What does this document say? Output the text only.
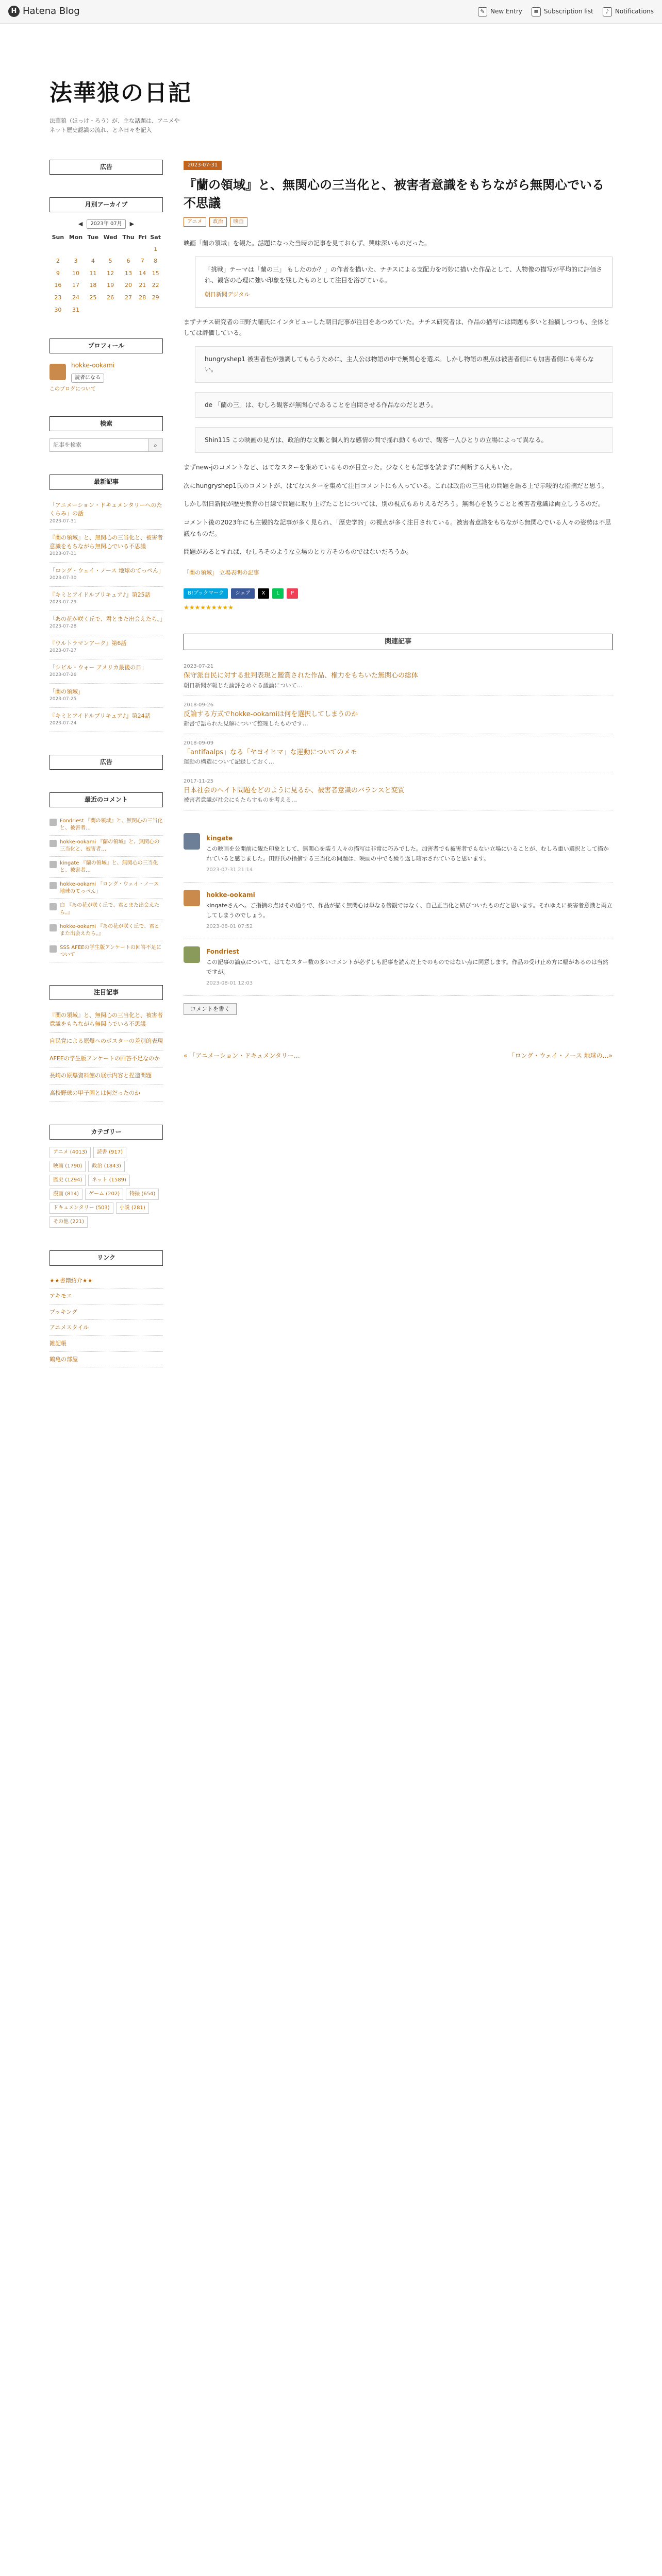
H Hatena Blog	✎ New Entry	≡ Subscription list	♪ Notifications
法華狼の日記
法華狼（ほっけ・ろう）が、主な話題は、アニメやネット歴史認識の流れ、とネ日々を記入
広告
月別アーカイブ
◀	2023年 07月	▶
Sun	Mon	Tue	Wed	Thu	Fri	Sat
						1
2	3	4	5	6	7	8
9	10	11	12	13	14	15
16	17	18	19	20	21	22
23	24	25	26	27	28	29
30	31					
プロフィール
hokke-ookami
読者になる
このブログについて
検索
記事を検索
⌕
最新記事
「アニメーション・ドキュメンタリーへのたくらみ」の話
2023-07-31
『蘭の領域』と、無関心の三当化と、被害者意識をもちながら無関心でいる不思議
2023-07-31
「ロング・ウェイ・ノース 地球のてっぺん」
2023-07-30
『キミとアイドルプリキュア♪』第25話
2023-07-29
「あの花が咲く丘で、君とまた出会えたら。」
2023-07-28
『ウルトラマンアーク』第6話
2023-07-27
「シビル・ウォー アメリカ最後の日」
2023-07-26
「蘭の領域」
2023-07-25
『キミとアイドルプリキュア♪』第24話
2023-07-24
広告
最近のコメント
Fondriest 『蘭の領域』と、無関心の三当化と、被害者…
hokke-ookami 『蘭の領域』と、無関心の三当化と、被害者…
kingate 『蘭の領域』と、無関心の三当化と、被害者…
hokke-ookami 「ロング・ウェイ・ノース 地球のてっぺん」
白 『あの花が咲く丘で、君とまた出会えたら。』
hokke-ookami 『あの花が咲く丘で、君とまた出会えたら。』
SSS AFEEの学生版アンケートの回答不足について
注目記事
『蘭の領域』と、無関心の三当化と、被害者意識をもちながら無関心でいる不思議
自民党による原爆へのポスターの差別的表現
AFEEの学生版アンケートの回答不足なのか
長崎の原爆資料館の展示内容と捏造問題
高校野球の甲子園とは何だったのか
カテゴリー
アニメ (4013)	読書 (917)
映画 (1790)	政治 (1843)
歴史 (1294)	ネット (1589)
漫画 (814)	ゲーム (202)	特撮 (654)
ドキュメンタリー (503)	小説 (281)
その他 (221)
リンク
★★書籍紹介★★
アキモエ
ブッキング
アニメスタイル
雑記帳
鶴亀の部屋
2023-07-31
『蘭の領域』と、無関心の三当化と、被害者意識をもちながら無関心でいる不思議
アニメ	政治	映画

映画「蘭の領域」を観た。話題になった当時の記事を見ておらず、興味深いものだった。

「挑戦」テーマは「蘭の三」 もしたのか？」の作者を描いた、ナチスによる支配力を巧妙に描いた作品として、人物像の描写が平均的に評価され、観客の心理に強い印象を残したものとして注目を浴びている。
朝日新聞デジタル

まずナチス研究者の田野大輔氏にインタビューした朝日記事が注目をあつめていた。ナチス研究者は、作品の描写には問題も多いと指摘しつつも、全体としては評価している。

hungryshep1 被害者性が強調してもらうために、主人公は物語の中で無関心を選ぶ。しかし物語の視点は被害者側にも加害者側にも寄らない。
de 「蘭の三」は、むしろ観客が無関心であることを自問させる作品なのだと思う。
Shin115 この映画の見方は、政治的な文脈と個人的な感情の間で揺れ動くもので、観客一人ひとりの立場によって異なる。

まずnew-jのコメントなど、はてなスターを集めているものが目立った。少なくとも記事を読まずに判断する人もいた。

次にhungryshep1氏のコメントが、はてなスターを集めて注目コメントにも入っている。これは政治の三当化の問題を語る上で示唆的な指摘だと思う。

しかし朝日新聞が歴史教育の目線で問題に取り上げたことについては、別の視点もありえるだろう。無関心を装うことと被害者意識は両立しうるのだ。

コメント後の2023年にも主観的な記事が多く見られ、「歴史学的」の視点が多く注目されている。被害者意識をもちながら無関心でいる人々の姿勢は不思議なものだ。

問題があるとすれば、むしろそのような立場のとり方そのものではないだろうか。

「蘭の領域」 立場表明の記事
B!ブックマーク	シェア	X	L	P
★★★★★★★★★
関連記事
2023-07-21
保守派自民に対する批判表現と鑑賞された作品、権力をもちいた無関心の総体
朝日新聞が報じた論評をめぐる議論について…
2018-09-26
反論する方式でhokke-ookamiは何を選択してしまうのか
新書で語られた見解について整理したものです…
2018-09-09
「antifaalps」なる「ヤヨイヒマ」な運動についてのメモ
運動の構造について記録しておく…
2017-11-25
日本社会のヘイト問題をどのように見るか、被害者意識のバランスと変質
被害者意識が社会にもたらすものを考える…
kingate
この映画を公開前に観た印象として、無関心を装う人々の描写は非常に巧みでした。加害者でも被害者でもない立場にいることが、むしろ重い選択として描かれていると感じました。田野氏の指摘する三当化の問題は、映画の中でも繰り返し暗示されていると思います。
2023-07-31 21:14
hokke-ookami
kingateさんへ。ご指摘の点はその通りで、作品が描く無関心は単なる傍観ではなく、自己正当化と結びついたものだと思います。それゆえに被害者意識と両立してしまうのでしょう。
2023-08-01 07:52
Fondriest
この記事の論点について、はてなスター数の多いコメントが必ずしも記事を読んだ上でのものではない点に同意します。作品の受け止め方に幅があるのは当然ですが。
2023-08-01 12:03
コメントを書く
« 「アニメーション・ドキュメンタリー…	「ロング・ウェイ・ノース 地球の…»
